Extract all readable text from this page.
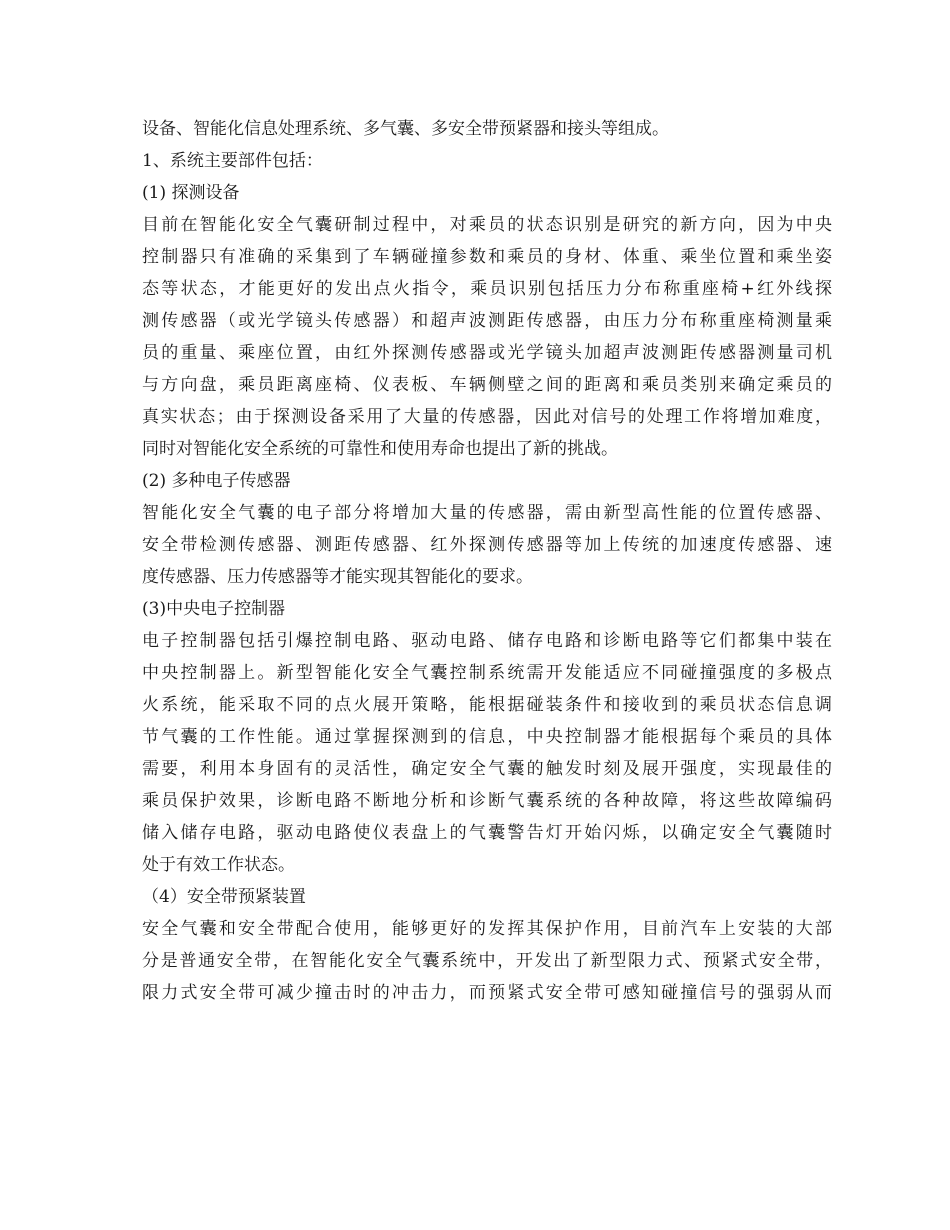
设备、智能化信息处理系统、多气囊、多安全带预紧器和接头等组成。
1、系统主要部件包括：
(1) 探测设备
目前在智能化安全气囊研制过程中，对乘员的状态识别是研究的新方向，因为中央
控制器只有准确的采集到了车辆碰撞参数和乘员的身材、体重、乘坐位置和乘坐姿
态等状态，才能更好的发出点火指令，乘员识别包括压力分布称重座椅+红外线探
测传感器（或光学镜头传感器）和超声波测距传感器，由压力分布称重座椅测量乘
员的重量、乘座位置，由红外探测传感器或光学镜头加超声波测距传感器测量司机
与方向盘，乘员距离座椅、仪表板、车辆侧壁之间的距离和乘员类别来确定乘员的
真实状态；由于探测设备采用了大量的传感器，因此对信号的处理工作将增加难度，
同时对智能化安全系统的可靠性和使用寿命也提出了新的挑战。
(2) 多种电子传感器
智能化安全气囊的电子部分将增加大量的传感器，需由新型高性能的位置传感器、
安全带检测传感器、测距传感器、红外探测传感器等加上传统的加速度传感器、速
度传感器、压力传感器等才能实现其智能化的要求。
(3)中央电子控制器
电子控制器包括引爆控制电路、驱动电路、储存电路和诊断电路等它们都集中装在
中央控制器上。新型智能化安全气囊控制系统需开发能适应不同碰撞强度的多极点
火系统，能采取不同的点火展开策略，能根据碰装条件和接收到的乘员状态信息调
节气囊的工作性能。通过掌握探测到的信息，中央控制器才能根据每个乘员的具体
需要，利用本身固有的灵活性，确定安全气囊的触发时刻及展开强度，实现最佳的
乘员保护效果，诊断电路不断地分析和诊断气囊系统的各种故障，将这些故障编码
储入储存电路，驱动电路使仪表盘上的气囊警告灯开始闪烁，以确定安全气囊随时
处于有效工作状态。
（4）安全带预紧装置
安全气囊和安全带配合使用，能够更好的发挥其保护作用，目前汽车上安装的大部
分是普通安全带，在智能化安全气囊系统中，开发出了新型限力式、预紧式安全带，
限力式安全带可减少撞击时的冲击力，而预紧式安全带可感知碰撞信号的强弱从而
